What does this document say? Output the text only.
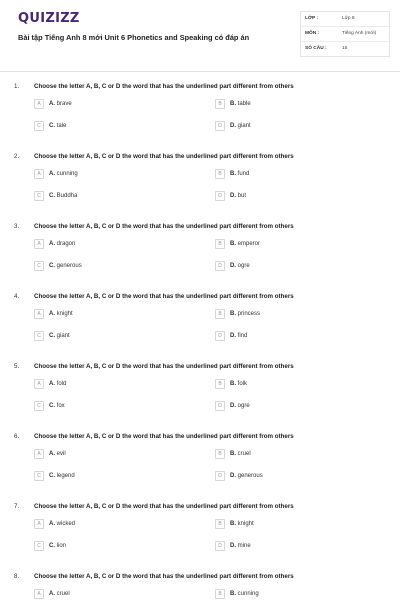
QUIZIZZ
Bài tập Tiếng Anh 8 mới Unit 6 Phonetics and Speaking có đáp án
LỚP :	Lớp 8
MÔN :	Tiếng Anh (mới)
SỐ CÂU :	15
1. Choose the letter A, B, C or D the word that has the underlined part different from others
A	A. brave	B	B. table
C	C. tale	D	D. giant
2. Choose the letter A, B, C or D the word that has the underlined part different from others
A	A. cunning	B	B. fund
C	C. Buddha	D	D. but
3. Choose the letter A, B, C or D the word that has the underlined part different from others
A	A. dragon	B	B. emperor
C	C. generous	D	D. ogre
4. Choose the letter A, B, C or D the word that has the underlined part different from others
A	A. knight	B	B. princess
C	C. giant	D	D. find
5. Choose the letter A, B, C or D the word that has the underlined part different from others
A	A. fold	B	B. folk
C	C. fox	D	D. ogre
6. Choose the letter A, B, C or D the word that has the underlined part different from others
A	A. evil	B	B. cruel
C	C. legend	D	D. generous
7. Choose the letter A, B, C or D the word that has the underlined part different from others
A	A. wicked	B	B. knight
C	C. lion	D	D. mine
8. Choose the letter A, B, C or D the word that has the underlined part different from others
A	A. cruel	B	B. cunning
